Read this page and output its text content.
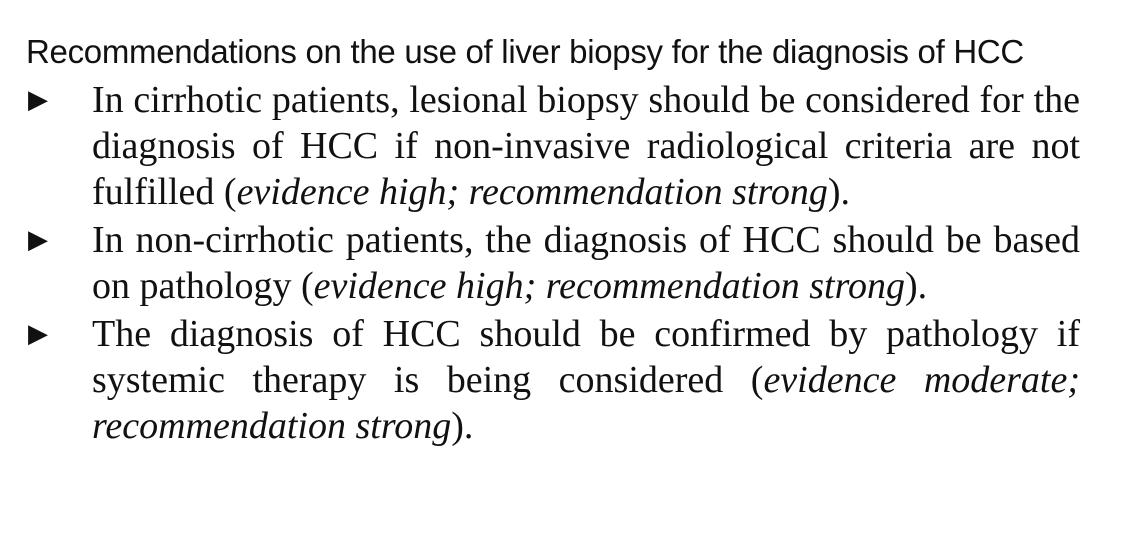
Recommendations on the use of liver biopsy for the diagnosis of HCC
▶ In cirrhotic patients, lesional biopsy should be considered for the diagnosis of HCC if non-invasive radiological criteria are not fulfilled (evidence high; recommendation strong).
▶ In non-cirrhotic patients, the diagnosis of HCC should be based on pathology (evidence high; recommendation strong).
▶ The diagnosis of HCC should be confirmed by pathology if systemic therapy is being considered (evidence moderate; recommendation strong).
